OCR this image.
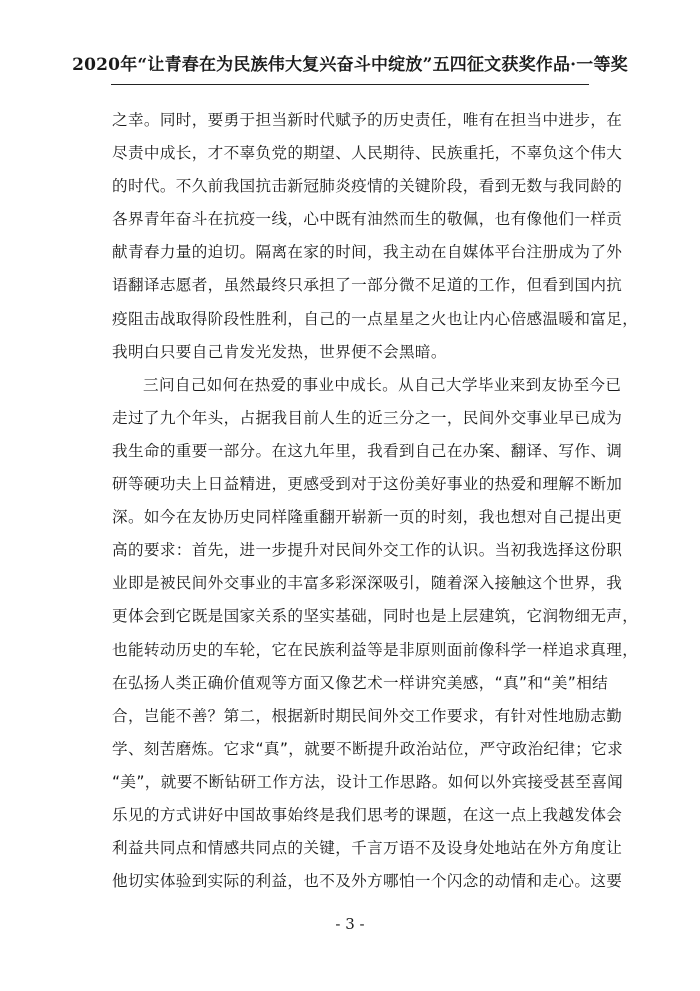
2020年“让青春在为民族伟大复兴奋斗中绽放”五四征文获奖作品·一等奖
之幸。同时，要勇于担当新时代赋予的历史责任，唯有在担当中进步，在
尽责中成长，才不辜负党的期望、人民期待、民族重托，不辜负这个伟大
的时代。不久前我国抗击新冠肺炎疫情的关键阶段，看到无数与我同龄的
各界青年奋斗在抗疫一线，心中既有油然而生的敬佩，也有像他们一样贡
献青春力量的迫切。隔离在家的时间，我主动在自媒体平台注册成为了外
语翻译志愿者，虽然最终只承担了一部分微不足道的工作，但看到国内抗
疫阻击战取得阶段性胜利，自己的一点星星之火也让内心倍感温暖和富足，
我明白只要自己肯发光发热，世界便不会黑暗。
三问自己如何在热爱的事业中成长。从自己大学毕业来到友协至今已
走过了九个年头，占据我目前人生的近三分之一，民间外交事业早已成为
我生命的重要一部分。在这九年里，我看到自己在办案、翻译、写作、调
研等硬功夫上日益精进，更感受到对于这份美好事业的热爱和理解不断加
深。如今在友协历史同样隆重翻开崭新一页的时刻，我也想对自己提出更
高的要求：首先，进一步提升对民间外交工作的认识。当初我选择这份职
业即是被民间外交事业的丰富多彩深深吸引，随着深入接触这个世界，我
更体会到它既是国家关系的坚实基础，同时也是上层建筑，它润物细无声，
也能转动历史的车轮，它在民族利益等是非原则面前像科学一样追求真理，
在弘扬人类正确价值观等方面又像艺术一样讲究美感，“真”和“美”相结
合，岂能不善？第二，根据新时期民间外交工作要求，有针对性地励志勤
学、刻苦磨炼。它求“真”，就要不断提升政治站位，严守政治纪律；它求
“美”，就要不断钻研工作方法，设计工作思路。如何以外宾接受甚至喜闻
乐见的方式讲好中国故事始终是我们思考的课题，在这一点上我越发体会
利益共同点和情感共同点的关键，千言万语不及设身处地站在外方角度让
他切实体验到实际的利益，也不及外方哪怕一个闪念的动情和走心。这要
- 3 -
